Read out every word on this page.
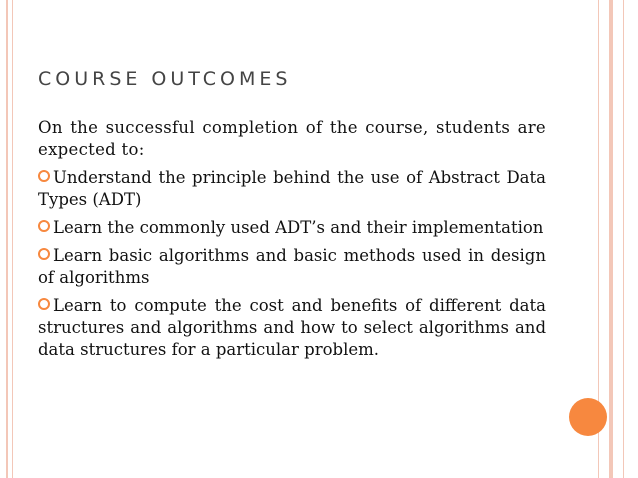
COURSE OUTCOMES

On the successful completion of the course, students are expected to:

Understand the principle behind the use of Abstract Data Types (ADT)

Learn the commonly used ADT’s and their implementation

Learn basic algorithms and basic methods used in design of algorithms

Learn to compute the cost and benefits of different data structures and algorithms and how to select algorithms and data structures for a particular problem.
